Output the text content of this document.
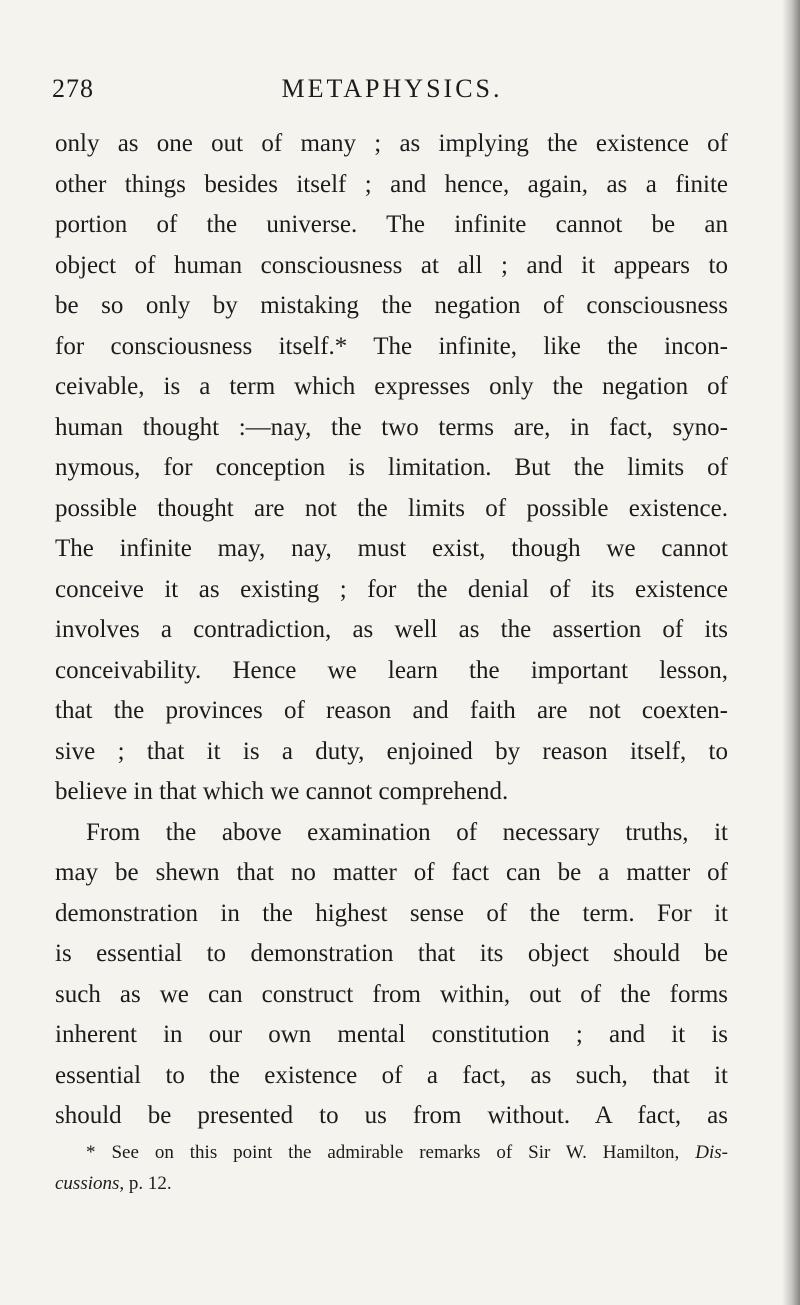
278	METAPHYSICS.
only as one out of many ; as implying the existence of
other things besides itself ; and hence, again, as a finite
portion of the universe. The infinite cannot be an
object of human consciousness at all ; and it appears to
be so only by mistaking the negation of consciousness
for consciousness itself.* The infinite, like the incon-
ceivable, is a term which expresses only the negation of
human thought :—nay, the two terms are, in fact, syno-
nymous, for conception is limitation. But the limits of
possible thought are not the limits of possible existence.
The infinite may, nay, must exist, though we cannot
conceive it as existing ; for the denial of its existence
involves a contradiction, as well as the assertion of its
conceivability. Hence we learn the important lesson,
that the provinces of reason and faith are not coexten-
sive ; that it is a duty, enjoined by reason itself, to
believe in that which we cannot comprehend.
From the above examination of necessary truths, it
may be shewn that no matter of fact can be a matter of
demonstration in the highest sense of the term. For it
is essential to demonstration that its object should be
such as we can construct from within, out of the forms
inherent in our own mental constitution ; and it is
essential to the existence of a fact, as such, that it
should be presented to us from without. A fact, as
* See on this point the admirable remarks of Sir W. Hamilton, Dis-
cussions, p. 12.
